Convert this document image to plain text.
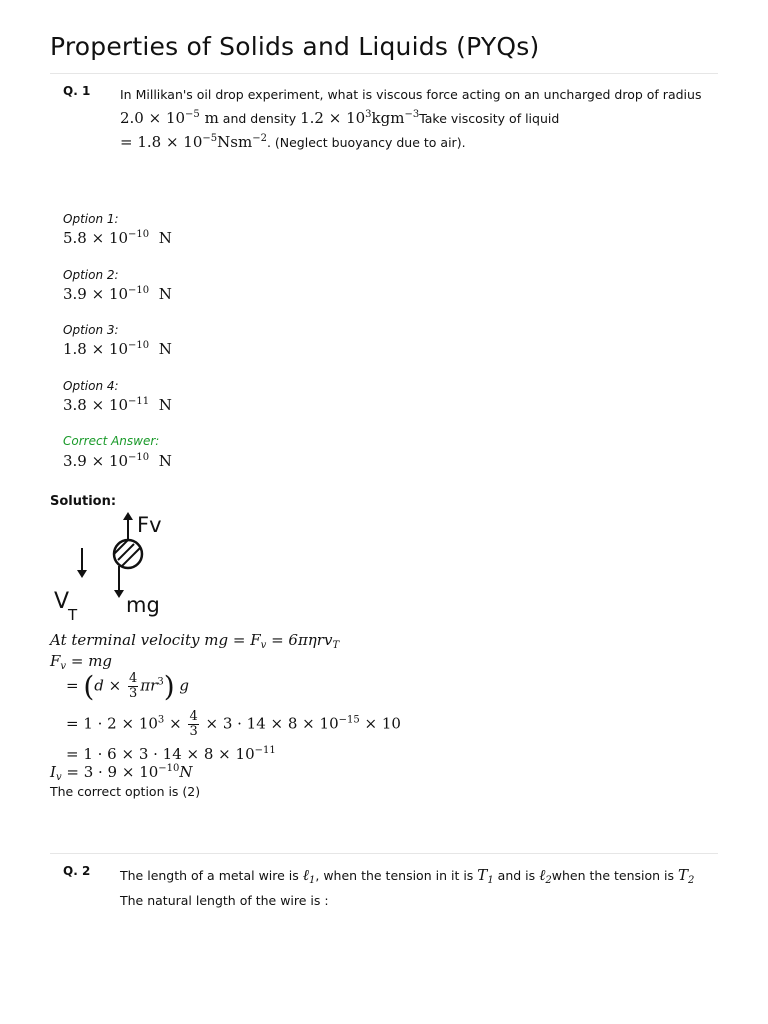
Properties of Solids and Liquids (PYQs)
Q. 1 In Millikan's oil drop experiment, what is viscous force acting on an uncharged drop of radius
$2.0 \times 10^{-5}$ m and density $1.2 \times 10^3kgm^{-3}Take$ viscosity of liquid
= $1.8 \times 10^{-5}Nsm^{-2}$. (Neglect buoyancy due to air).
Option 1:
$5.8 \times 10^{-10}$ N
Option 2:
$3.9 \times 10^{-10}$ N
Option 3:
$1.8 \times 10^{-10}$ N
Option 4:
$3.8 \times 10^{-11}$ N
Correct Answer:
$3.9 \times 10^{-10}$ N
Solution:
Fv
mg
V
T
At terminal velocity mg = $F_v = 6\pi\eta rv_T$
$F_v$ = mg
= $(d \times \frac{4}{3} \pi r^3)$ g
= $1 \cdot 2 \times 10^3 \times \frac{4}{3} \times 3 \cdot 14 \times 8 \times 10^{-15} \times 10$
= $1 \cdot 6 \times 3 \cdot 14 \times 8 \times 10^{-11}$
$I_v = 3 \cdot 9 \times 10^{-10}N$
The correct option is (2)
Q. 2 The length of a metal wire is ℓ$_1$, when the tension in it is $T_1$ and is ℓ$_2$when the tension is $T_2$
The natural length of the wire is :
